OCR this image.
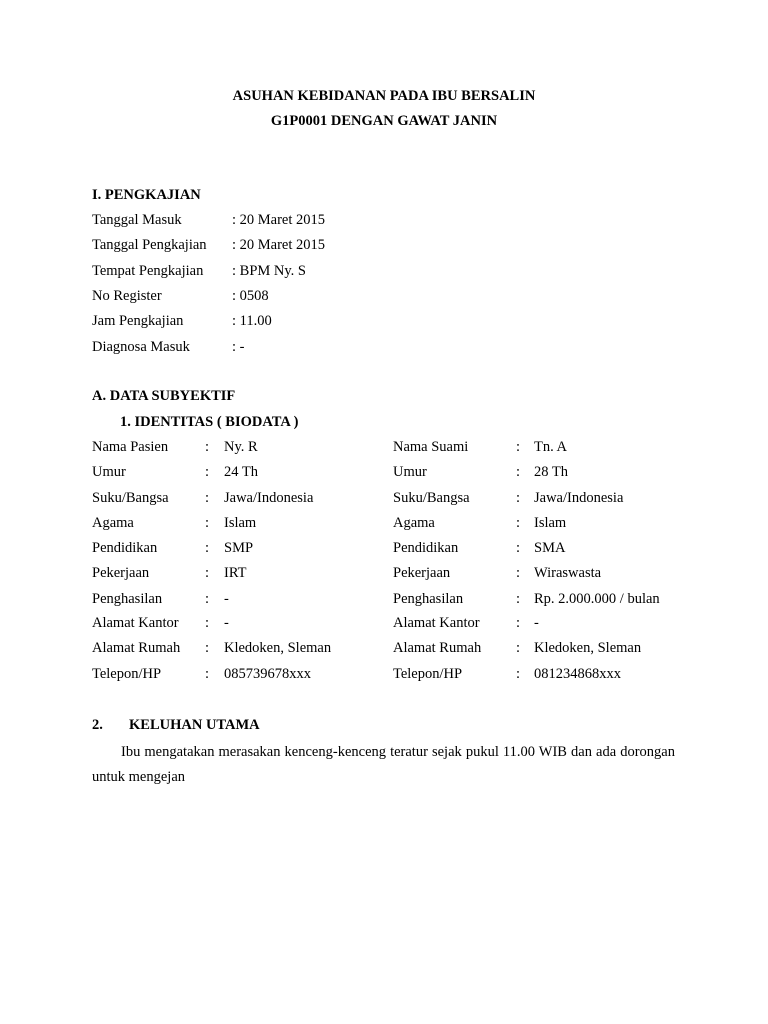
ASUHAN KEBIDANAN PADA IBU BERSALIN
G1P0001 DENGAN GAWAT JANIN
I. PENGKAJIAN
Tanggal Masuk	: 20 Maret 2015
Tanggal Pengkajian : 20 Maret 2015
Tempat Pengkajian : BPM Ny. S
No Register	: 0508
Jam Pengkajian	: 11.00
Diagnosa Masuk	: -
A. DATA SUBYEKTIF
1. IDENTITAS ( BIODATA )
Nama Pasien	: Ny. R	Nama Suami	: Tn. A
Umur	: 24 Th	Umur	: 28 Th
Suku/Bangsa	: Jawa/Indonesia	Suku/Bangsa	: Jawa/Indonesia
Agama	: Islam	Agama	: Islam
Pendidikan	: SMP	Pendidikan	: SMA
Pekerjaan	: IRT	Pekerjaan	: Wiraswasta
Penghasilan	: -	Penghasilan	: Rp. 2.000.000 / bulan
Alamat Kantor : -	Alamat Kantor	: -
Alamat Rumah : Kledoken, Sleman	Alamat Rumah : Kledoken, Sleman
Telepon/HP	: 085739678xxx	Telepon/HP	: 081234868xxx
2. KELUHAN UTAMA
Ibu mengatakan merasakan kenceng-kenceng teratur sejak pukul 11.00 WIB dan ada dorongan untuk mengejan
